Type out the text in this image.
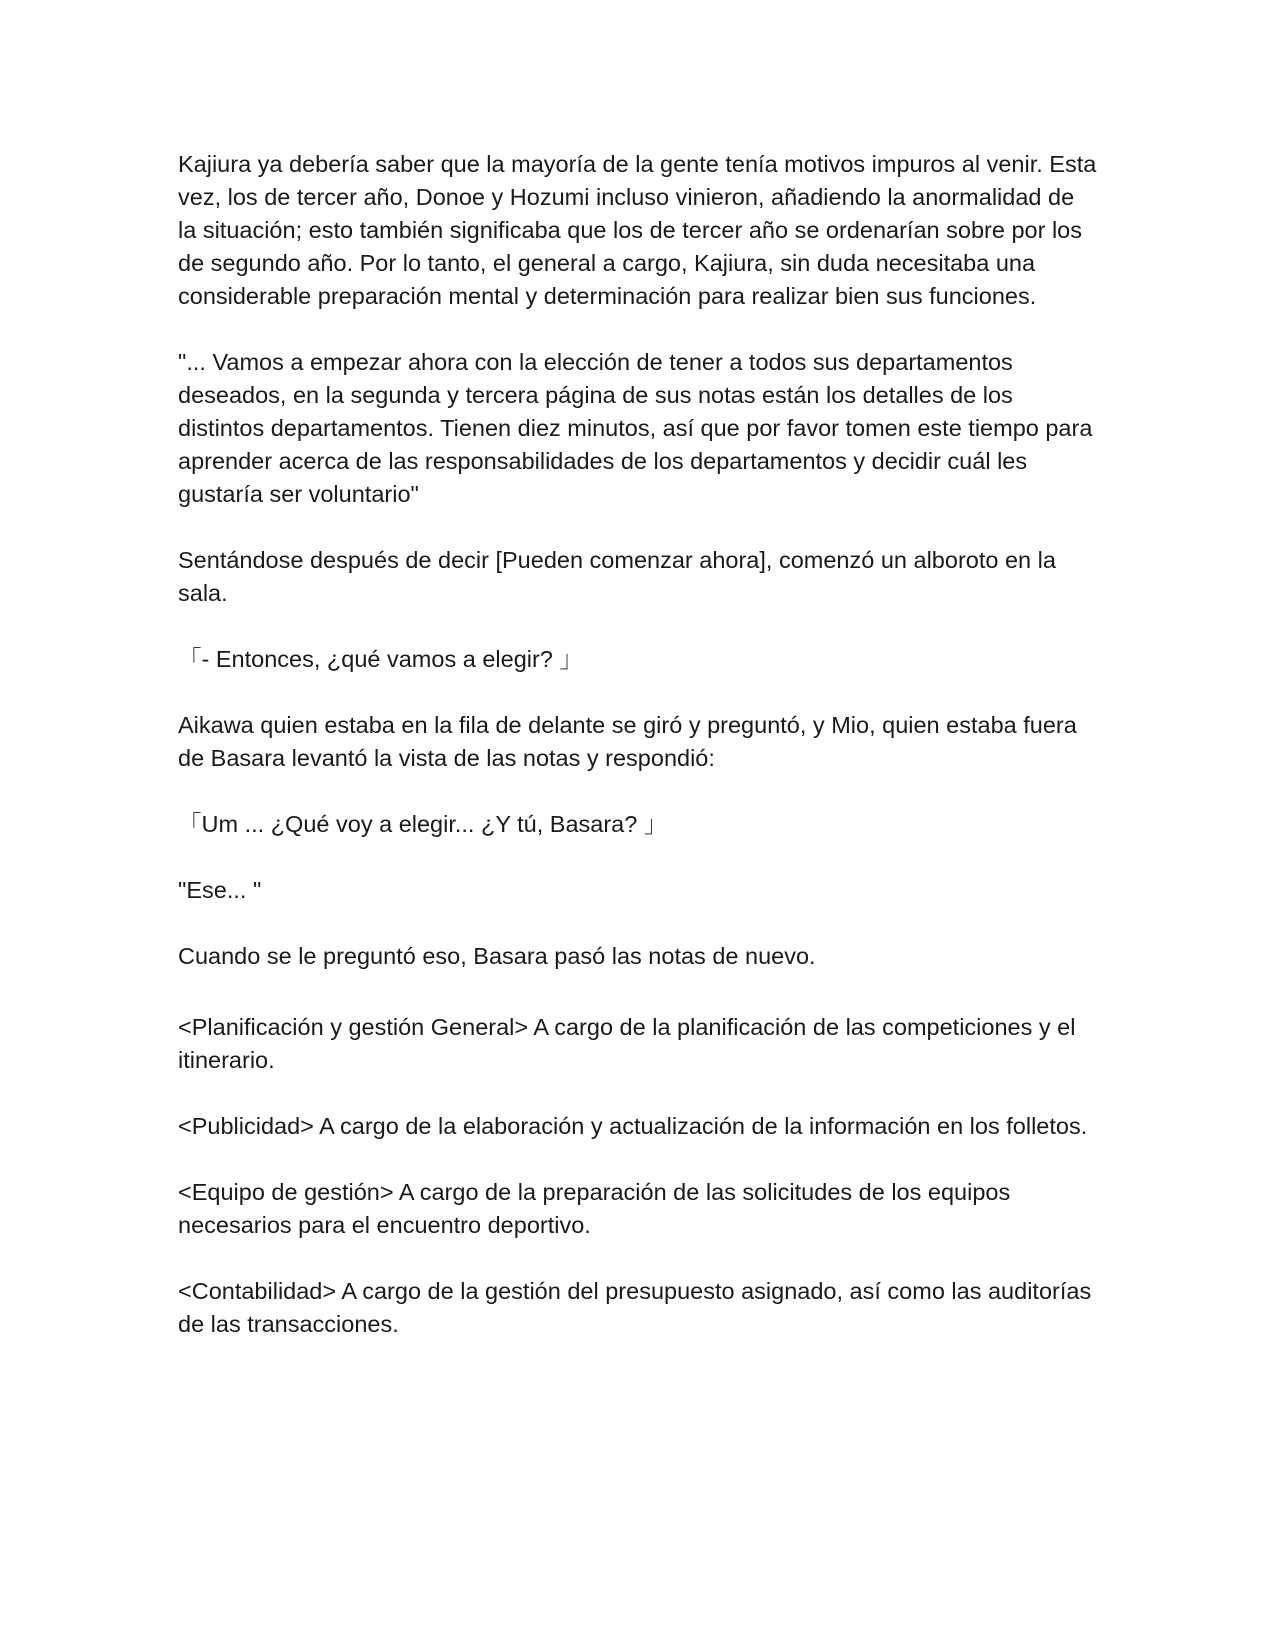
Kajiura ya debería saber que la mayoría de la gente tenía motivos impuros al venir. Esta vez, los de tercer año, Donoe y Hozumi incluso vinieron, añadiendo la anormalidad de la situación; esto también significaba que los de tercer año se ordenarían sobre por los de segundo año. Por lo tanto, el general a cargo, Kajiura, sin duda necesitaba una considerable preparación mental y determinación para realizar bien sus funciones.

"... Vamos a empezar ahora con la elección de tener a todos sus departamentos deseados, en la segunda y tercera página de sus notas están los detalles de los distintos departamentos. Tienen diez minutos, así que por favor tomen este tiempo para aprender acerca de las responsabilidades de los departamentos y decidir cuál les gustaría ser voluntario"

Sentándose después de decir [Pueden comenzar ahora], comenzó un alboroto en la sala.

「- Entonces, ¿qué vamos a elegir? 」

Aikawa quien estaba en la fila de delante se giró y preguntó, y Mio, quien estaba fuera de Basara levantó la vista de las notas y respondió:

「Um ... ¿Qué voy a elegir... ¿Y tú, Basara? 」

"Ese... "

Cuando se le preguntó eso, Basara pasó las notas de nuevo.

<Planificación y gestión General> A cargo de la planificación de las competiciones y el itinerario.

<Publicidad> A cargo de la elaboración y actualización de la información en los folletos.

<Equipo de gestión> A cargo de la preparación de las solicitudes de los equipos necesarios para el encuentro deportivo.

<Contabilidad> A cargo de la gestión del presupuesto asignado, así como las auditorías de las transacciones.
